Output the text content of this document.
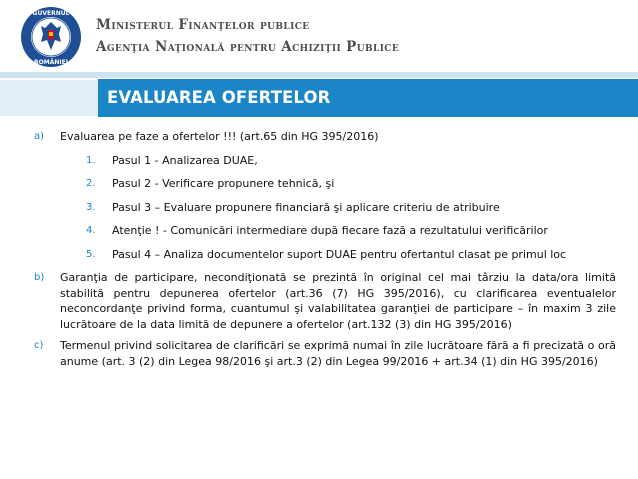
GUVERNUL
ROMÂNIEI
Ministerul Finanţelor publice
Agenţia Naţională pentru Achiziţii Publice
EVALUAREA OFERTELOR
a) Evaluarea pe faze a ofertelor !!! (art.65 din HG 395/2016)
1. Pasul 1 - Analizarea DUAE,
2. Pasul 2 - Verificare propunere tehnică, şi
3. Pasul 3 – Evaluare propunere financiară şi aplicare criteriu de atribuire
4. Atenţie ! - Comunicări intermediare după fiecare fază a rezultatului verificărilor
5. Pasul 4 – Analiza documentelor suport DUAE pentru ofertantul clasat pe primul loc
b) Garanţia de participare, necondiţionată se prezintă în original cel mai târziu la data/ora limită stabilită pentru depunerea ofertelor (art.36 (7) HG 395/2016), cu clarificarea eventualelor neconcordanţe privind forma, cuantumul şi valabilitatea garanţiei de participare – în maxim 3 zile lucrătoare de la data limită de depunere a ofertelor (art.132 (3) din HG 395/2016)
c) Termenul privind solicitarea de clarificări se exprimă numai în zile lucrătoare fără a fi precizată o oră anume (art. 3 (2) din Legea 98/2016 şi art.3 (2) din Legea 99/2016 + art.34 (1) din HG 395/2016)
